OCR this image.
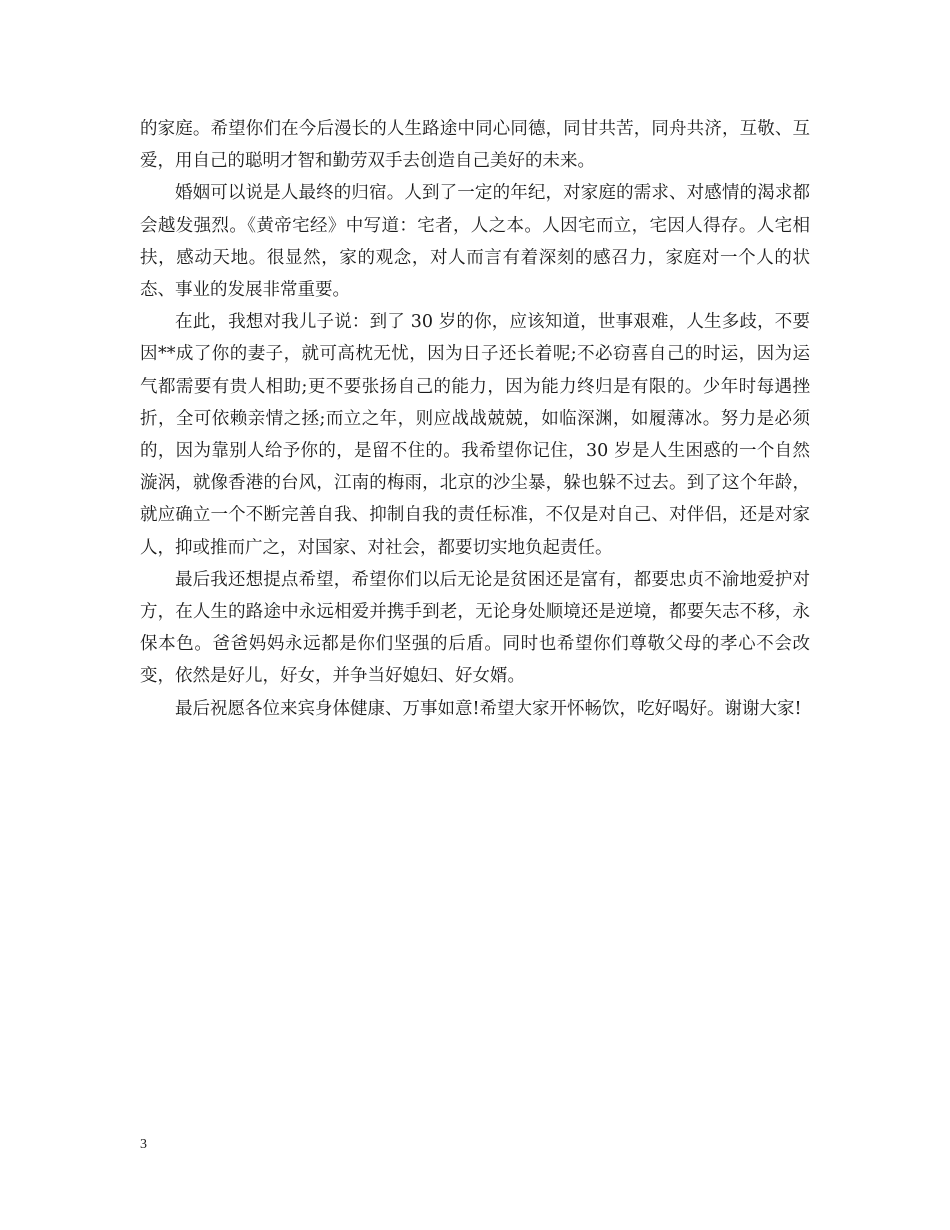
的家庭。希望你们在今后漫长的人生路途中同心同德，同甘共苦，同舟共济，互敬、互爱，用自己的聪明才智和勤劳双手去创造自己美好的未来。

婚姻可以说是人最终的归宿。人到了一定的年纪，对家庭的需求、对感情的渴求都会越发强烈。《黄帝宅经》中写道：宅者，人之本。人因宅而立，宅因人得存。人宅相扶，感动天地。很显然，家的观念，对人而言有着深刻的感召力，家庭对一个人的状态、事业的发展非常重要。

在此，我想对我儿子说：到了 30 岁的你，应该知道，世事艰难，人生多歧，不要因**成了你的妻子，就可高枕无忧，因为日子还长着呢;不必窃喜自己的时运，因为运气都需要有贵人相助;更不要张扬自己的能力，因为能力终归是有限的。少年时每遇挫折，全可依赖亲情之拯;而立之年，则应战战兢兢，如临深渊，如履薄冰。努力是必须的，因为靠别人给予你的，是留不住的。我希望你记住，30 岁是人生困惑的一个自然漩涡，就像香港的台风，江南的梅雨，北京的沙尘暴，躲也躲不过去。到了这个年龄，就应确立一个不断完善自我、抑制自我的责任标准，不仅是对自己、对伴侣，还是对家人，抑或推而广之，对国家、对社会，都要切实地负起责任。

最后我还想提点希望，希望你们以后无论是贫困还是富有，都要忠贞不渝地爱护对方，在人生的路途中永远相爱并携手到老，无论身处顺境还是逆境，都要矢志不移，永保本色。爸爸妈妈永远都是你们坚强的后盾。同时也希望你们尊敬父母的孝心不会改变，依然是好儿，好女，并争当好媳妇、好女婿。

最后祝愿各位来宾身体健康、万事如意!希望大家开怀畅饮，吃好喝好。谢谢大家!

3
